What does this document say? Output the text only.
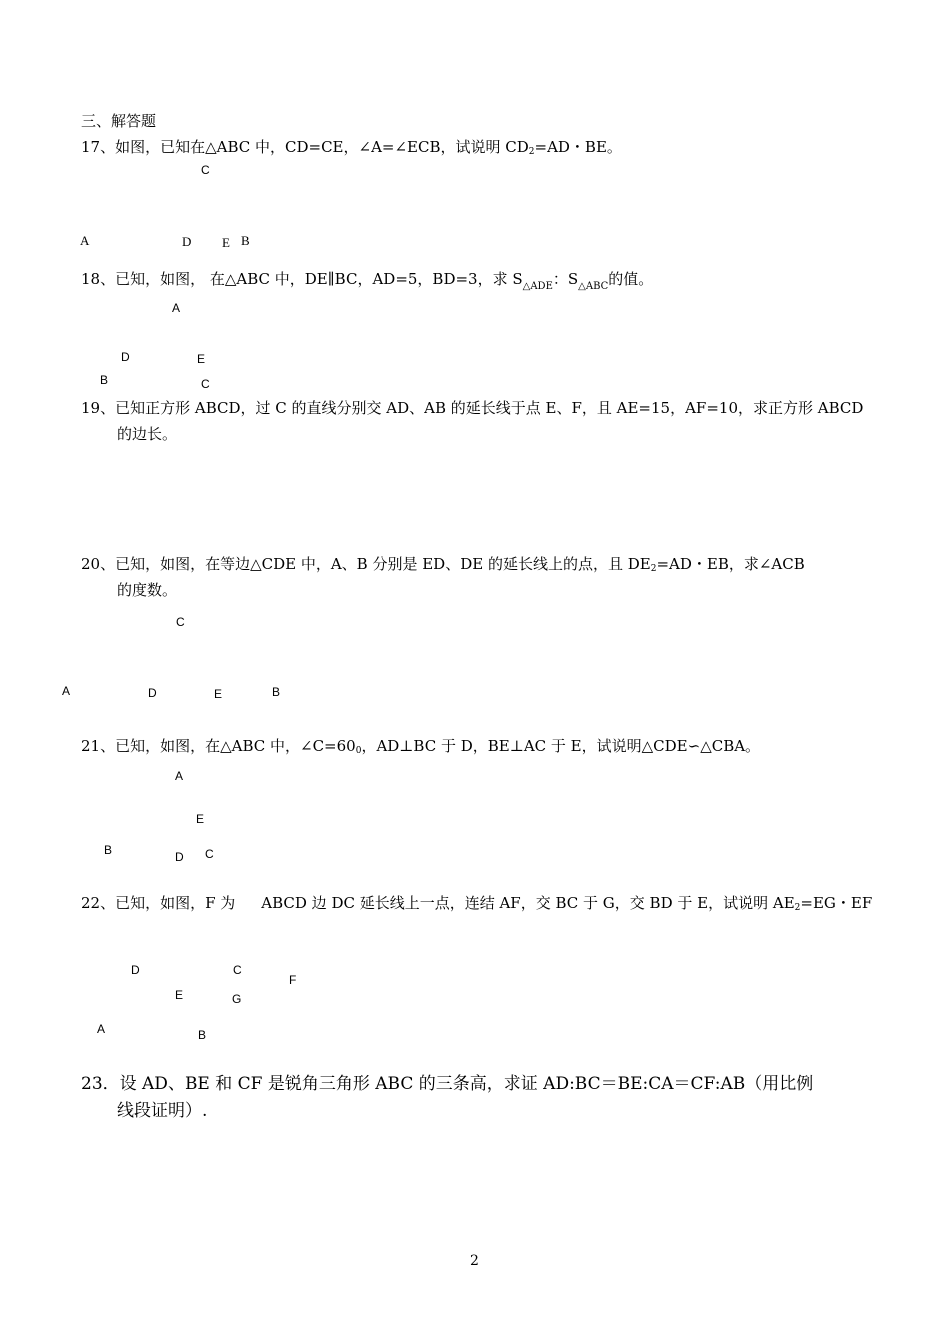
三、解答题
17、如图，已知在△ABC 中，CD=CE，∠A=∠ECB，试说明 $CD_2=AD$・BE。
C
A	D E B
18、已知，如图， 在△ABC 中，DE∥BC，AD=5，BD=3，求 $S_{\triangle ADE}$：$S_{\triangle ABC}$的值。
A
D	E
B	C
19、已知正方形 ABCD，过 C 的直线分别交 AD、AB 的延长线于点 E、F，且 AE=15，AF=10，求正方形 ABCD
的边长。
20、已知，如图，在等边△CDE 中，A、B 分别是 ED、DE 的延长线上的点，且 $DE_2=AD$・EB，求∠ACB
的度数。
C
A	D	E	B
21、已知，如图，在△ABC 中，$\angle C=60_0$，AD⊥BC 于 D，BE⊥AC 于 E，试说明△CDE∽△CBA。
A
E
B	D C
22、已知，如图，F 为 ABCD 边 DC 延长线上一点，连结 AF，交 BC 于 G，交 BD 于 E，试说明 $AE_2=EG$・EF
D	C
F
E	G
A	B
23．设 AD、BE 和 CF 是锐角三角形 ABC 的三条高，求证 AD:BC＝BE:CA＝CF:AB（用比例
线段证明）.
2
